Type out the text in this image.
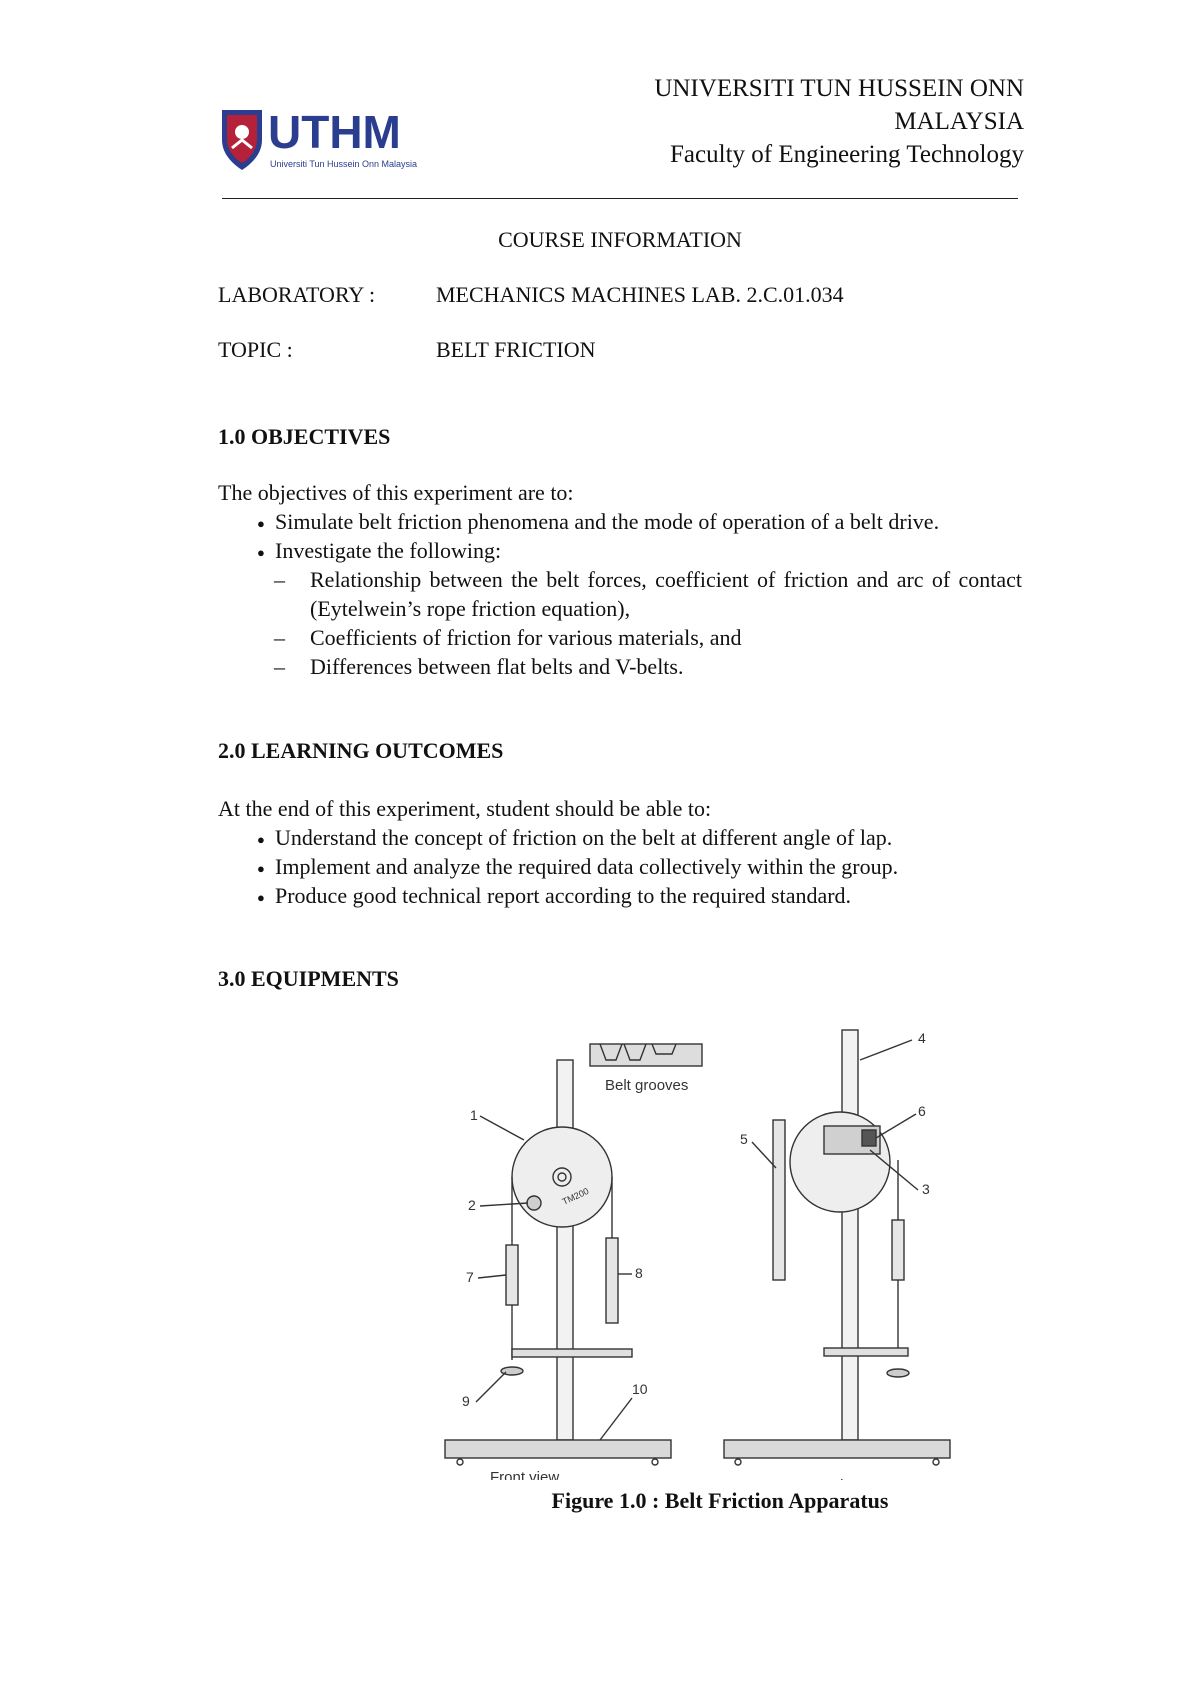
UTHM
Universiti Tun Hussein Onn Malaysia
UNIVERSITI TUN HUSSEIN ONN
MALAYSIA
Faculty of Engineering Technology
COURSE INFORMATION
LABORATORY :	MECHANICS MACHINES LAB. 2.C.01.034
TOPIC :	BELT FRICTION
1.0 OBJECTIVES
The objectives of this experiment are to:
● Simulate belt friction phenomena and the mode of operation of a belt drive.
● Investigate the following:
– Relationship between the belt forces, coefficient of friction and arc of contact (Eytelwein’s rope friction equation),
– Coefficients of friction for various materials, and
– Differences between flat belts and V-belts.
2.0 LEARNING OUTCOMES
At the end of this experiment, student should be able to:
● Understand the concept of friction on the belt at different angle of lap.
● Implement and analyze the required data collectively within the group.
● Produce good technical report according to the required standard.
3.0 EQUIPMENTS
Belt grooves
TM200
Front view
1
2
7	8
9
10
4
5
6
3
Figure 1.0 : Belt Friction Apparatus
